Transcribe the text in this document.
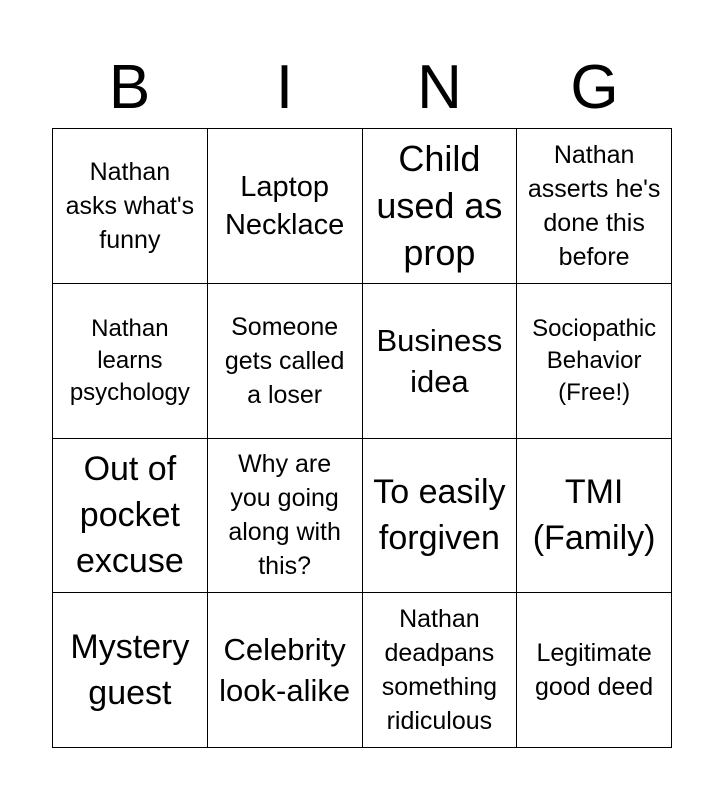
B	I	N	G
Nathan asks what's funny
Laptop Necklace
Child used as prop
Nathan asserts he's done this before
Nathan learns psychology
Someone gets called a loser
Business idea
Sociopathic Behavior (Free!)
Out of pocket excuse
Why are you going along with this?
To easily forgiven
TMI (Family)
Mystery guest
Celebrity look-alike
Nathan deadpans something ridiculous
Legitimate good deed
